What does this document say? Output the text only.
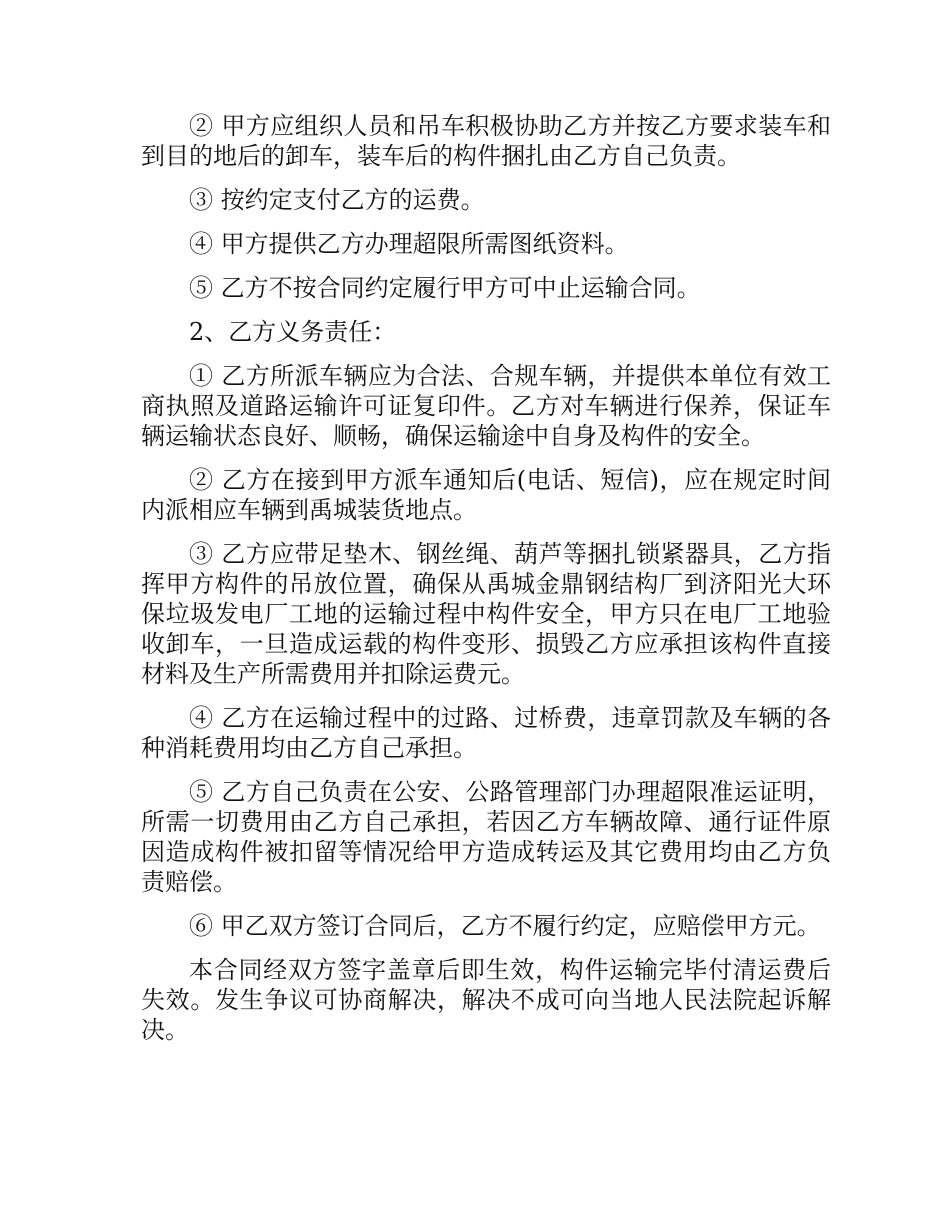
② 甲方应组织人员和吊车积极协助乙方并按乙方要求装车和到目的地后的卸车，装车后的构件捆扎由乙方自己负责。

③ 按约定支付乙方的运费。

④ 甲方提供乙方办理超限所需图纸资料。

⑤ 乙方不按合同约定履行甲方可中止运输合同。

2、乙方义务责任：

① 乙方所派车辆应为合法、合规车辆，并提供本单位有效工商执照及道路运输许可证复印件。乙方对车辆进行保养，保证车辆运输状态良好、顺畅，确保运输途中自身及构件的安全。

② 乙方在接到甲方派车通知后(电话、短信)，应在规定时间内派相应车辆到禹城装货地点。

③ 乙方应带足垫木、钢丝绳、葫芦等捆扎锁紧器具，乙方指挥甲方构件的吊放位置，确保从禹城金鼎钢结构厂到济阳光大环保垃圾发电厂工地的运输过程中构件安全，甲方只在电厂工地验收卸车，一旦造成运载的构件变形、损毁乙方应承担该构件直接材料及生产所需费用并扣除运费元。

④ 乙方在运输过程中的过路、过桥费，违章罚款及车辆的各种消耗费用均由乙方自己承担。

⑤ 乙方自己负责在公安、公路管理部门办理超限准运证明，所需一切费用由乙方自己承担，若因乙方车辆故障、通行证件原因造成构件被扣留等情况给甲方造成转运及其它费用均由乙方负责赔偿。

⑥ 甲乙双方签订合同后，乙方不履行约定，应赔偿甲方元。

本合同经双方签字盖章后即生效，构件运输完毕付清运费后失效。发生争议可协商解决，解决不成可向当地人民法院起诉解决。
